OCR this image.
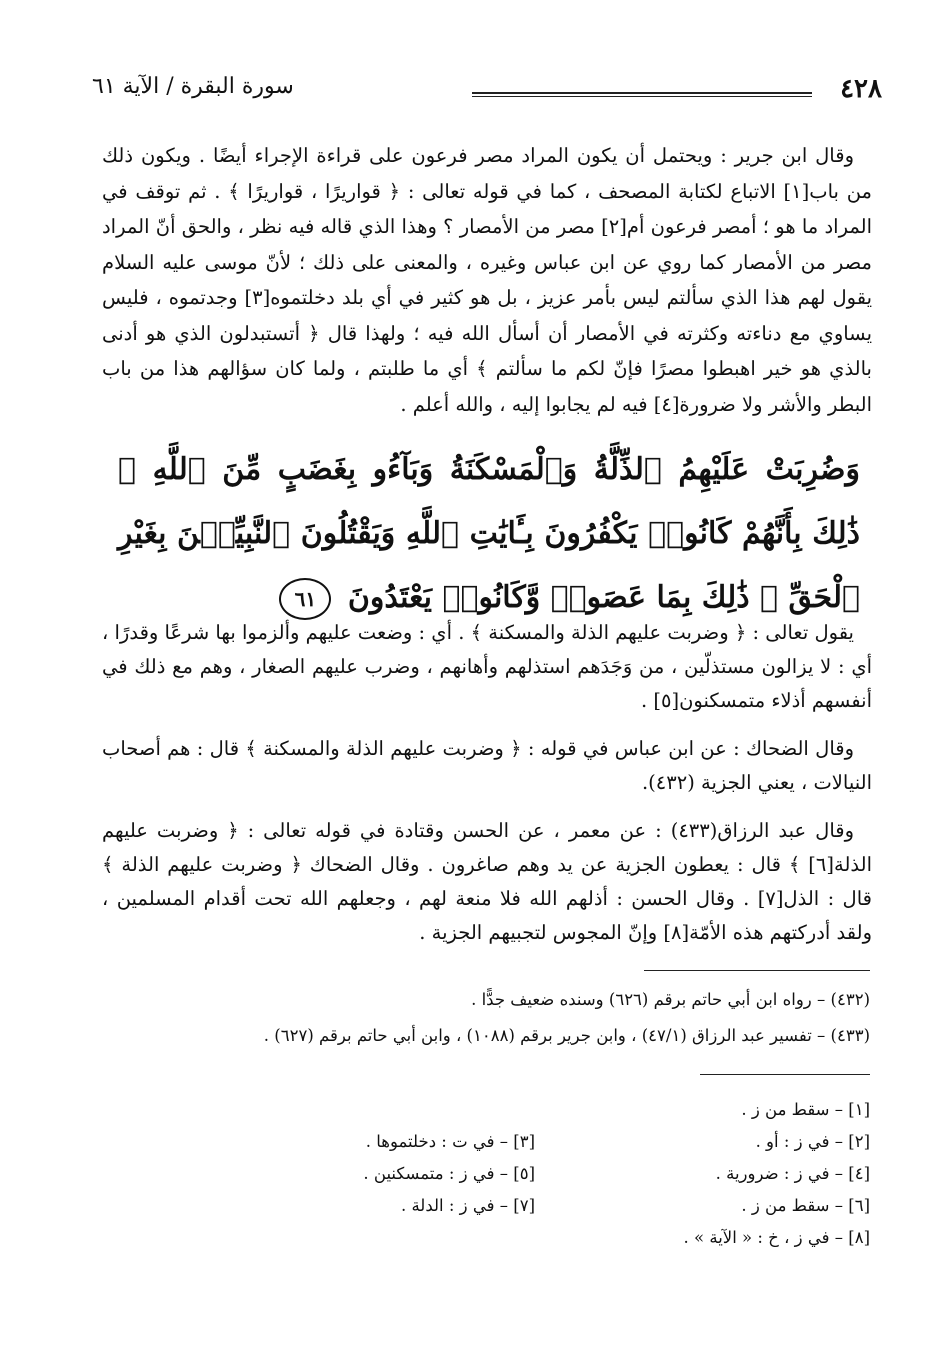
٤٢٨
سورة البقرة / الآية ٦١

وقال ابن جرير : ويحتمل أن يكون المراد مصر فرعون على قراءة الإجراء أيضًا . ويكون ذلك من باب[١] الاتباع لكتابة المصحف ، كما في قوله تعالى : ﴿ قواريرًا ، قواريرًا ﴾ . ثم توقف في المراد ما هو ؛ أمصر فرعون أم[٢] مصر من الأمصار ؟ وهذا الذي قاله فيه نظر ، والحق أنّ المراد مصر من الأمصار كما روي عن ابن عباس وغيره ، والمعنى على ذلك ؛ لأنّ موسى عليه السلام يقول لهم هذا الذي سألتم ليس بأمر عزيز ، بل هو كثير في أي بلد دخلتموه[٣] وجدتموه ، فليس يساوي مع دناءته وكثرته في الأمصار أن أسأل الله فيه ؛ ولهذا قال ﴿ أتستبدلون الذي هو أدنى بالذي هو خير اهبطوا مصرًا فإنّ لكم ما سألتم ﴾ أي ما طلبتم ، ولما كان سؤالهم هذا من باب البطر والأشر ولا ضرورة[٤] فيه لم يجابوا إليه ، والله أعلم .

وَضُرِبَتْ عَلَيْهِمُ ٱلذِّلَّةُ وَٱلْمَسْكَنَةُ وَبَآءُو بِغَضَبٍ مِّنَ ٱللَّهِ ۗ ذَٰلِكَ بِأَنَّهُمْ كَانُوا۟ يَكْفُرُونَ بِـَٔايَٰتِ ٱللَّهِ وَيَقْتُلُونَ ٱلنَّبِيِّـۧنَ بِغَيْرِ ٱلْحَقِّ ۗ ذَٰلِكَ بِمَا عَصَوا۟ وَّكَانُوا۟ يَعْتَدُونَ ٦١

يقول تعالى : ﴿ وضربت عليهم الذلة والمسكنة ﴾ . أي : وضعت عليهم وألزموا بها شرعًا وقدرًا ، أي : لا يزالون مستذلّين ، من وَجَدَهم استذلهم وأهانهم ، وضرب عليهم الصغار ، وهم مع ذلك في أنفسهم أذلاء متمسكنون[٥] .

وقال الضحاك : عن ابن عباس في قوله : ﴿ وضربت عليهم الذلة والمسكنة ﴾ قال : هم أصحاب النيالات ، يعني الجزية (٤٣٢).

وقال عبد الرزاق(٤٣٣) : عن معمر ، عن الحسن وقتادة في قوله تعالى : ﴿ وضربت عليهم الذلة[٦] ﴾ قال : يعطون الجزية عن يد وهم صاغرون . وقال الضحاك ﴿ وضربت عليهم الذلة ﴾ قال : الذل[٧] . وقال الحسن : أذلهم الله فلا منعة لهم ، وجعلهم الله تحت أقدام المسلمين ، ولقد أدركتهم هذه الأمّة[٨] وإنّ المجوس لتجبيهم الجزية .

(٤٣٢) – رواه ابن أبي حاتم برقم (٦٢٦) وسنده ضعيف جدًّا .

(٤٣٣) – تفسير عبد الرزاق (٤٧/١) ، وابن جرير برقم (١٠٨٨) ، وابن أبي حاتم برقم (٦٢٧) .

[١] – سقط من ز .
[٢] – في ز : أو .
[٣] – في ت : دخلتموها .
[٤] – في ز : ضرورية .
[٥] – في ز : متمسكنين .
[٦] – سقط من ز .
[٧] – في ز : الدلة .
[٨] – في ز ، خ : « الآية » .
